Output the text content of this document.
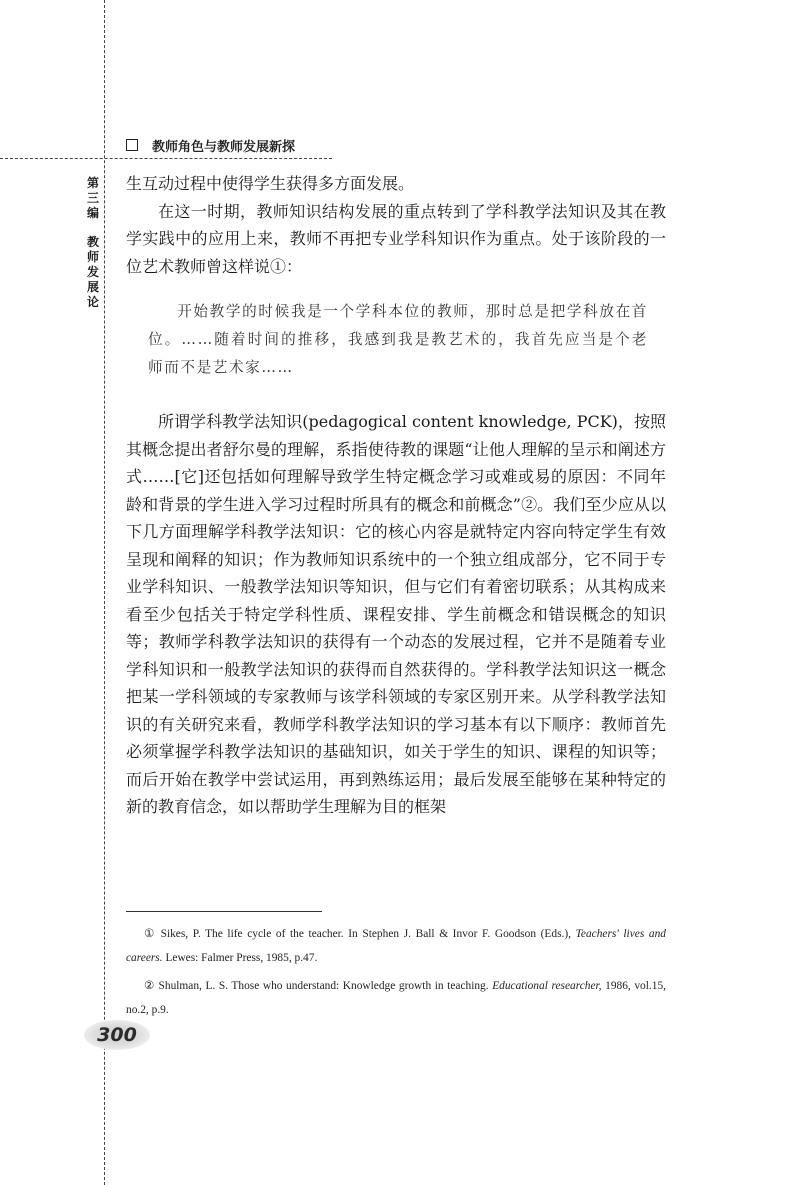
教师角色与教师发展新探
第
三
编
教
师
发
展
论

生互动过程中使得学生获得多方面发展。

在这一时期，教师知识结构发展的重点转到了学科教学法知识及其在教学实践中的应用上来，教师不再把专业学科知识作为重点。处于该阶段的一位艺术教师曾这样说①：

开始教学的时候我是一个学科本位的教师，那时总是把学科放在首位。……随着时间的推移，我感到我是教艺术的，我首先应当是个老师而不是艺术家……

所谓学科教学法知识(pedagogical content knowledge, PCK)，按照其概念提出者舒尔曼的理解，系指使待教的课题“让他人理解的呈示和阐述方式……[它]还包括如何理解导致学生特定概念学习或难或易的原因：不同年龄和背景的学生进入学习过程时所具有的概念和前概念”②。我们至少应从以下几方面理解学科教学法知识：它的核心内容是就特定内容向特定学生有效呈现和阐释的知识；作为教师知识系统中的一个独立组成部分，它不同于专业学科知识、一般教学法知识等知识，但与它们有着密切联系；从其构成来看至少包括关于特定学科性质、课程安排、学生前概念和错误概念的知识等；教师学科教学法知识的获得有一个动态的发展过程，它并不是随着专业学科知识和一般教学法知识的获得而自然获得的。学科教学法知识这一概念把某一学科领域的专家教师与该学科领域的专家区别开来。从学科教学法知识的有关研究来看，教师学科教学法知识的学习基本有以下顺序：教师首先必须掌握学科教学法知识的基础知识，如关于学生的知识、课程的知识等；而后开始在教学中尝试运用，再到熟练运用；最后发展至能够在某种特定的新的教育信念，如以帮助学生理解为目的框架

① Sikes, P. The life cycle of the teacher. In Stephen J. Ball & Invor F. Goodson (Eds.), Teachers' lives and careers. Lewes: Falmer Press, 1985, p.47.

② Shulman, L. S. Those who understand: Knowledge growth in teaching. Educational researcher, 1986, vol.15, no.2, p.9.

300
